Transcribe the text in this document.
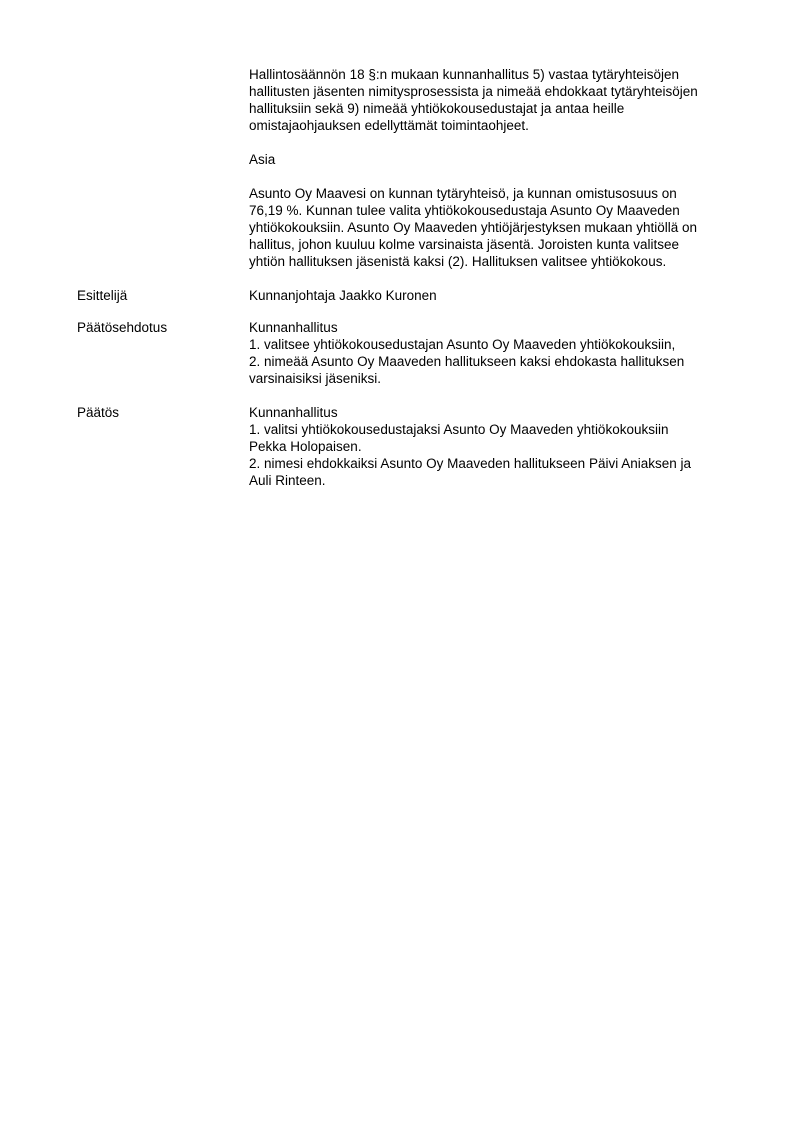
Hallintosäännön 18 §:n mukaan kunnanhallitus 5) vastaa tytäryhteisöjen
hallitusten jäsenten nimitysprosessista ja nimeää ehdokkaat tytäryhteisöjen
hallituksiin sekä 9) nimeää yhtiökokousedustajat ja antaa heille
omistajaohjauksen edellyttämät toimintaohjeet.

Asia

Asunto Oy Maavesi on kunnan tytäryhteisö, ja kunnan omistusosuus on
76,19 %. Kunnan tulee valita yhtiökokousedustaja Asunto Oy Maaveden
yhtiökokouksiin. Asunto Oy Maaveden yhtiöjärjestyksen mukaan yhtiöllä on
hallitus, johon kuuluu kolme varsinaista jäsentä. Joroisten kunta valitsee
yhtiön hallituksen jäsenistä kaksi (2). Hallituksen valitsee yhtiökokous.

Esittelijä	Kunnanjohtaja Jaakko Kuronen
Päätösehdotus	Kunnanhallitus
1. valitsee yhtiökokousedustajan Asunto Oy Maaveden yhtiökokouksiin,
2. nimeää Asunto Oy Maaveden hallitukseen kaksi ehdokasta hallituksen
varsinaisiksi jäseniksi.
Päätös	Kunnanhallitus
1. valitsi yhtiökokousedustajaksi Asunto Oy Maaveden yhtiökokouksiin
Pekka Holopaisen.
2. nimesi ehdokkaiksi Asunto Oy Maaveden hallitukseen Päivi Aniaksen ja
Auli Rinteen.
